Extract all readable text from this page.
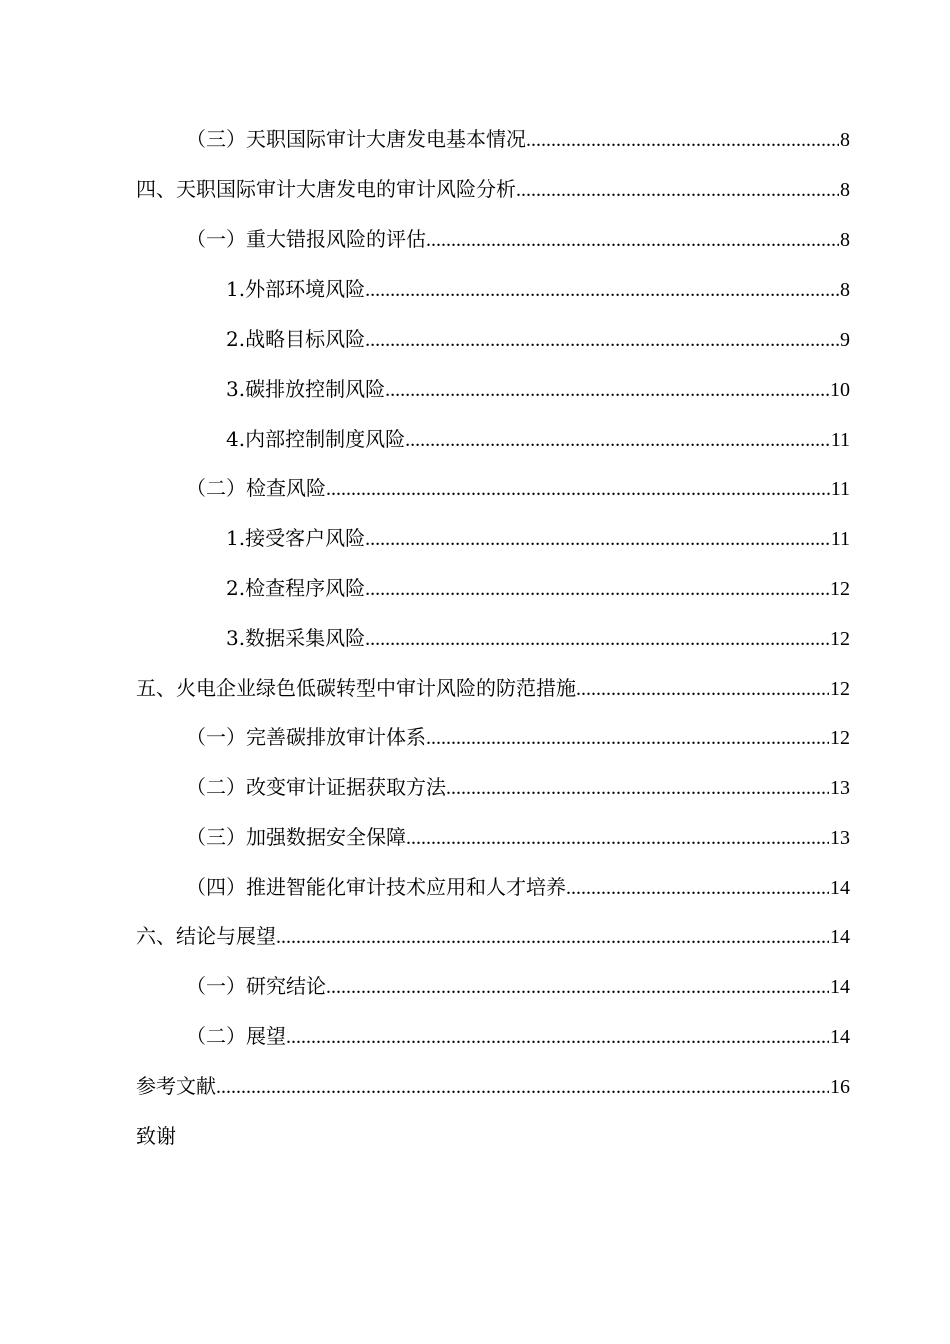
（三）天职国际审计大唐发电基本情况 .....	8
四、天职国际审计大唐发电的审计风险分析 .....	8
（一）重大错报风险的评估 .....	8
1.外部环境风险 .....	8
2.战略目标风险 .....	9
3.碳排放控制风险 .....	10
4.内部控制制度风险 .....	11
（二）检查风险 .....	11
1.接受客户风险 .....	11
2.检查程序风险 .....	12
3.数据采集风险 .....	12
五、火电企业绿色低碳转型中审计风险的防范措施 .....	12
（一）完善碳排放审计体系 .....	12
（二）改变审计证据获取方法 .....	13
（三）加强数据安全保障 .....	13
（四）推进智能化审计技术应用和人才培养 .....	14
六、结论与展望 .....	14
（一）研究结论 .....	14
（二）展望 .....	14
参考文献 .....	16
致谢
